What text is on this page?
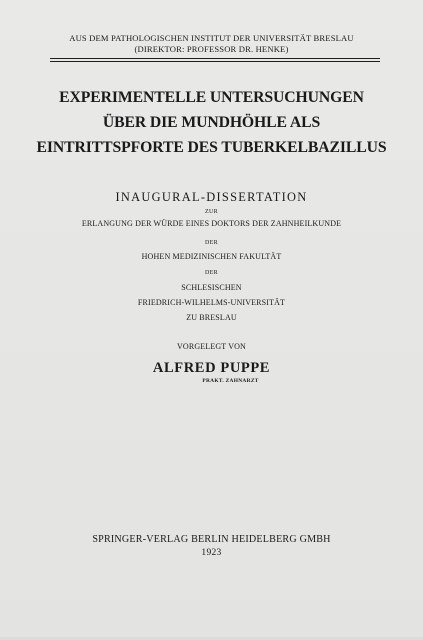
AUS DEM PATHOLOGISCHEN INSTITUT DER UNIVERSITÄT BRESLAU
(DIREKTOR: PROFESSOR DR. HENKE)
EXPERIMENTELLE UNTERSUCHUNGEN
ÜBER DIE MUNDHÖHLE ALS
EINTRITTSPFORTE DES TUBERKELBAZILLUS
INAUGURAL-DISSERTATION
ZUR
ERLANGUNG DER WÜRDE EINES DOKTORS DER ZAHNHEILKUNDE
DER
HOHEN MEDIZINISCHEN FAKULTÄT
DER
SCHLESISCHEN
FRIEDRICH-WILHELMS-UNIVERSITÄT
ZU BRESLAU
VORGELEGT VON
ALFRED PUPPE
PRAKT. ZAHNARZT
SPRINGER-VERLAG BERLIN HEIDELBERG GMBH
1923
